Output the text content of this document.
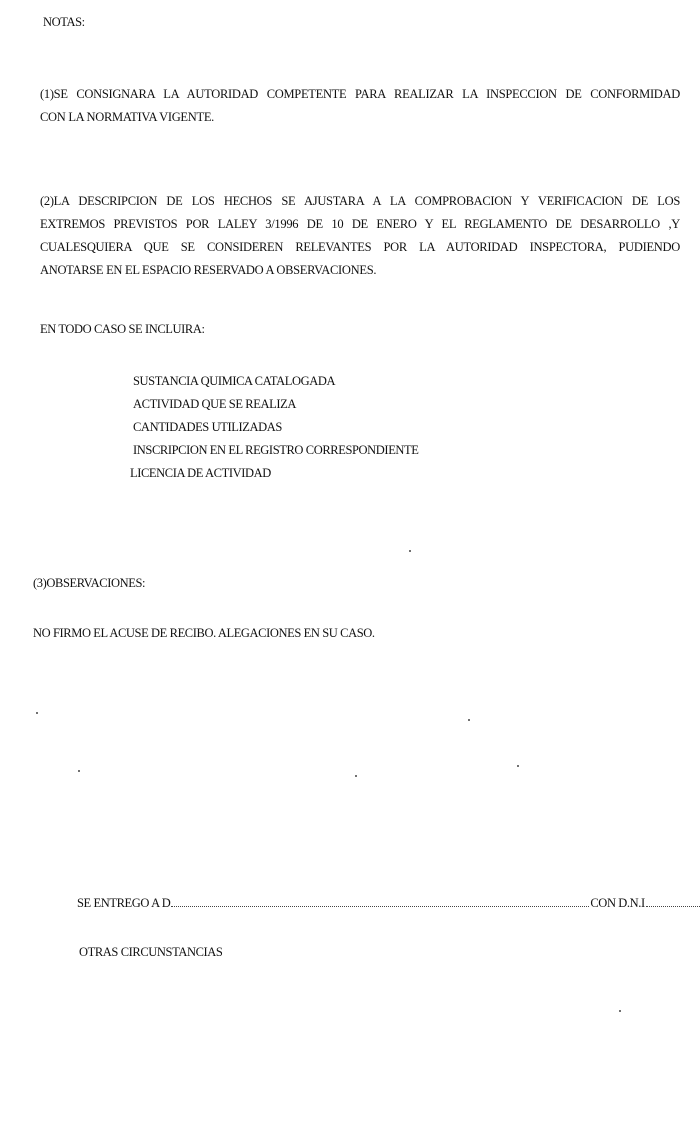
NOTAS:
(1)SE CONSIGNARA LA AUTORIDAD COMPETENTE PARA REALIZAR LA INSPECCION DE CONFORMIDAD
CON LA NORMATIVA VIGENTE.
(2)LA DESCRIPCION DE LOS HECHOS SE AJUSTARA A LA COMPROBACION Y VERIFICACION DE LOS
EXTREMOS PREVISTOS POR LALEY 3/1996 DE 10 DE ENERO Y EL REGLAMENTO DE DESARROLLO ,Y
CUALESQUIERA QUE SE CONSIDEREN RELEVANTES POR LA AUTORIDAD INSPECTORA, PUDIENDO
ANOTARSE EN EL ESPACIO RESERVADO A OBSERVACIONES.
EN TODO CASO SE INCLUIRA:
SUSTANCIA QUIMICA CATALOGADA
ACTIVIDAD QUE SE REALIZA
CANTIDADES UTILIZADAS
INSCRIPCION EN EL REGISTRO CORRESPONDIENTE
LICENCIA DE ACTIVIDAD
(3)OBSERVACIONES:
NO FIRMO EL ACUSE DE RECIBO. ALEGACIONES EN SU CASO.
SE ENTREGO A D	CON D.N.I
OTRAS CIRCUNSTANCIAS
